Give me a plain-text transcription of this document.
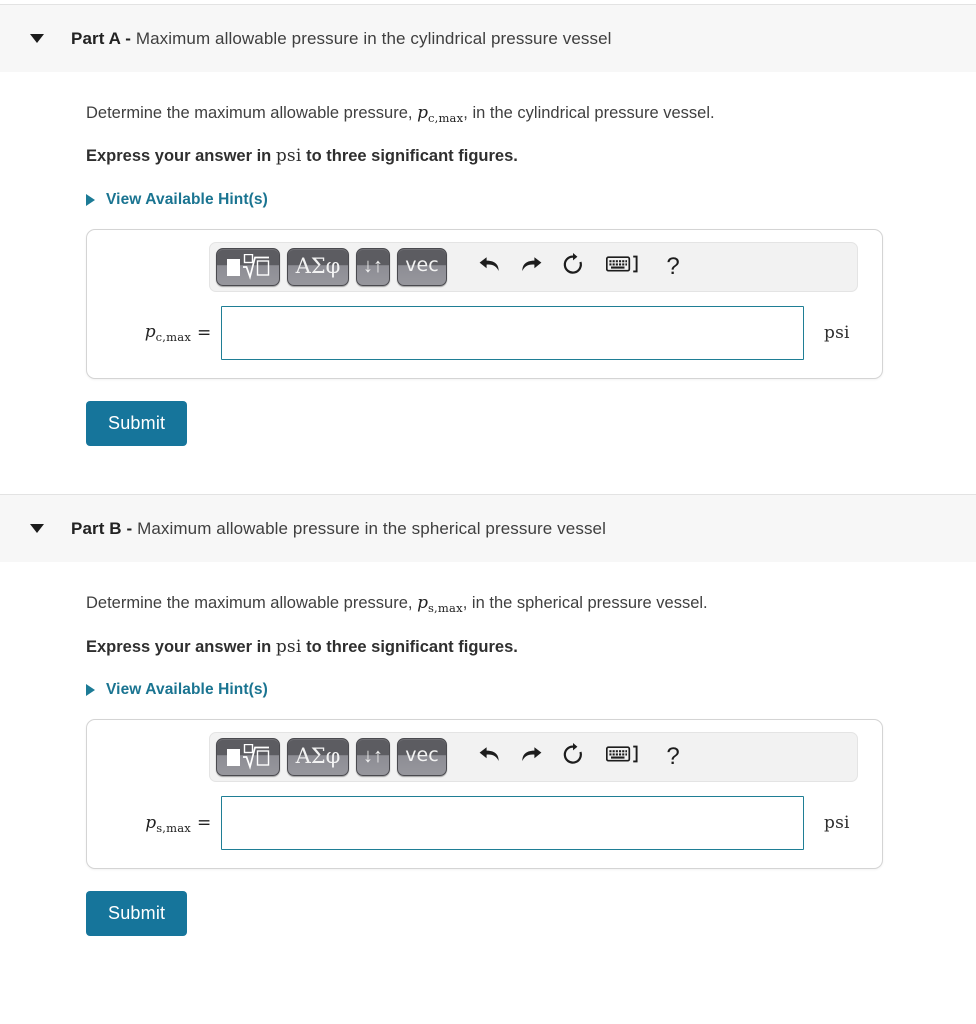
Part A - Maximum allowable pressure in the cylindrical pressure vessel
Determine the maximum allowable pressure, $p_{c,max}$, in the cylindrical pressure vessel.
Express your answer in psi to three significant figures.
View Available Hint(s)
ΑΣφ ↓↑ vec	?
$p_{c,max}$ =	psi
Submit
Part B - Maximum allowable pressure in the spherical pressure vessel
Determine the maximum allowable pressure, $p_{s,max}$, in the spherical pressure vessel.
Express your answer in psi to three significant figures.
View Available Hint(s)
ΑΣφ ↓↑ vec	?
$p_{s,max}$ =	psi
Submit
